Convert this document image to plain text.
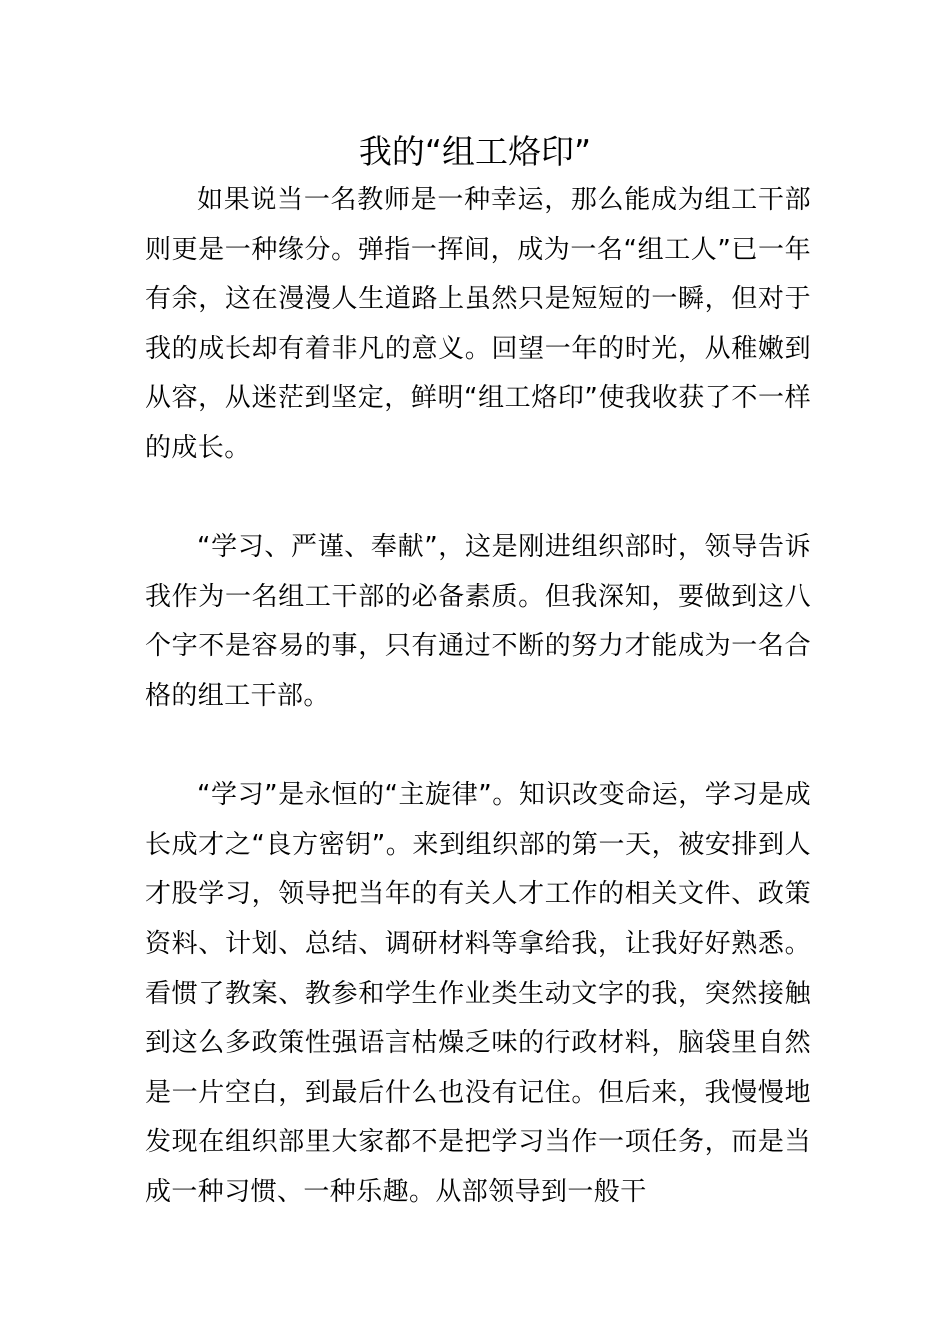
我的“组工烙印”

如果说当一名教师是一种幸运，那么能成为组工干部则更是一种缘分。弹指一挥间，成为一名“组工人”已一年有余，这在漫漫人生道路上虽然只是短短的一瞬，但对于我的成长却有着非凡的意义。回望一年的时光，从稚嫩到从容，从迷茫到坚定，鲜明“组工烙印”使我收获了不一样的成长。

“学习、严谨、奉献”，这是刚进组织部时，领导告诉我作为一名组工干部的必备素质。但我深知，要做到这八个字不是容易的事，只有通过不断的努力才能成为一名合格的组工干部。

“学习”是永恒的“主旋律”。知识改变命运，学习是成长成才之“良方密钥”。来到组织部的第一天，被安排到人才股学习，领导把当年的有关人才工作的相关文件、政策资料、计划、总结、调研材料等拿给我，让我好好熟悉。看惯了教案、教参和学生作业类生动文字的我，突然接触到这么多政策性强语言枯燥乏味的行政材料，脑袋里自然是一片空白，到最后什么也没有记住。但后来，我慢慢地发现在组织部里大家都不是把学习当作一项任务，而是当成一种习惯、一种乐趣。从部领导到一般干
